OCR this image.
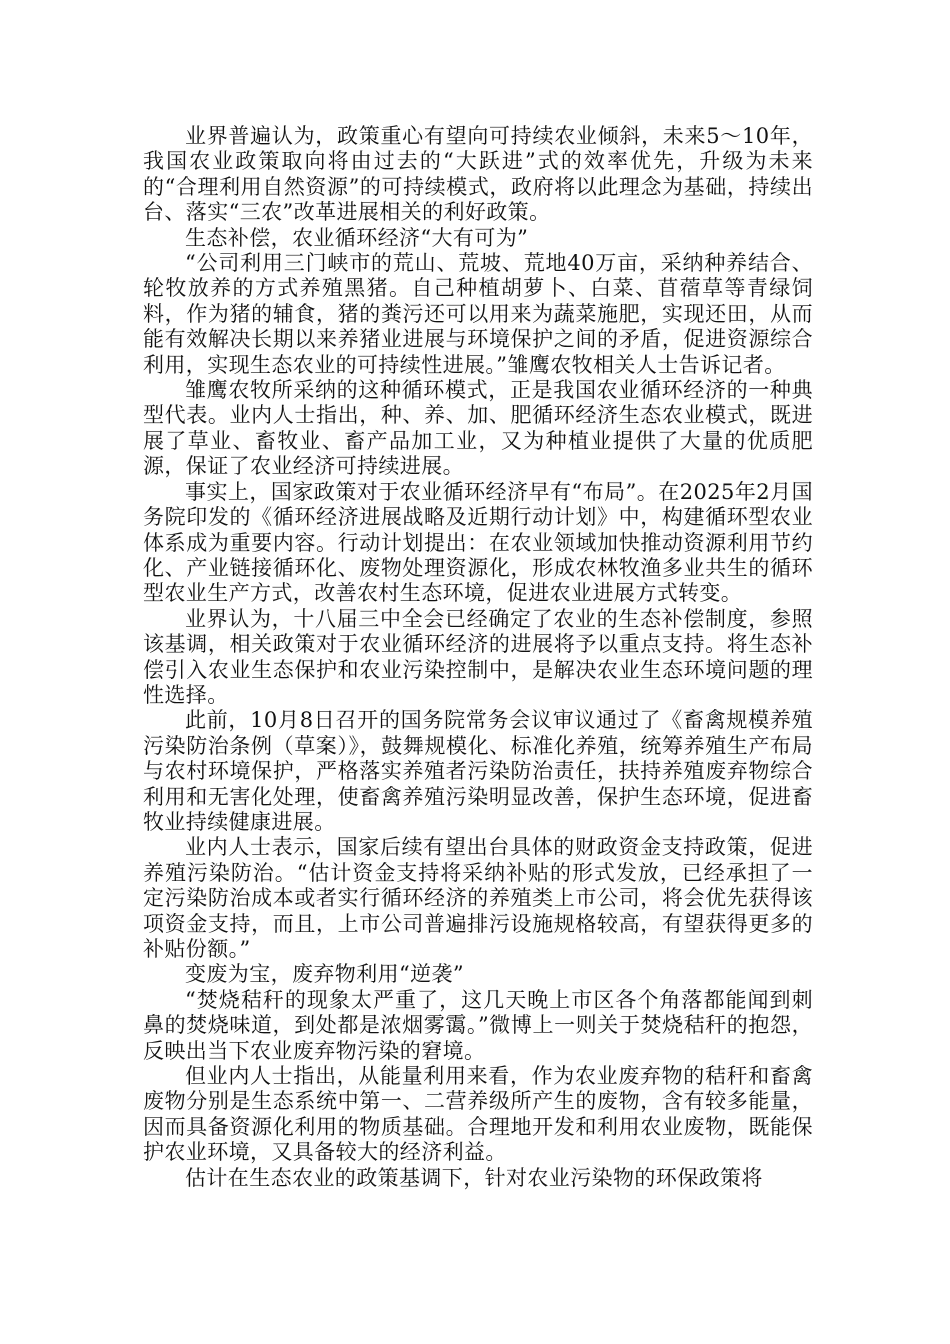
业界普遍认为，政策重心有望向可持续农业倾斜，未来5～10年，我国农业政策取向将由过去的“大跃进”式的效率优先，升级为未来的“合理利用自然资源”的可持续模式，政府将以此理念为基础，持续出台、落实“三农”改革进展相关的利好政策。

生态补偿，农业循环经济“大有可为”

“公司利用三门峡市的荒山、荒坡、荒地40万亩，采纳种养结合、轮牧放养的方式养殖黑猪。自己种植胡萝卜、白菜、苜蓿草等青绿饲料，作为猪的辅食，猪的粪污还可以用来为蔬菜施肥，实现还田，从而能有效解决长期以来养猪业进展与环境保护之间的矛盾，促进资源综合利用，实现生态农业的可持续性进展。”雏鹰农牧相关人士告诉记者。

雏鹰农牧所采纳的这种循环模式，正是我国农业循环经济的一种典型代表。业内人士指出，种、养、加、肥循环经济生态农业模式，既进展了草业、畜牧业、畜产品加工业，又为种植业提供了大量的优质肥源，保证了农业经济可持续进展。

事实上，国家政策对于农业循环经济早有“布局”。在2025年2月国务院印发的《循环经济进展战略及近期行动计划》中，构建循环型农业体系成为重要内容。行动计划提出：在农业领域加快推动资源利用节约化、产业链接循环化、废物处理资源化，形成农林牧渔多业共生的循环型农业生产方式，改善农村生态环境，促进农业进展方式转变。

业界认为，十八届三中全会已经确定了农业的生态补偿制度，参照该基调，相关政策对于农业循环经济的进展将予以重点支持。将生态补偿引入农业生态保护和农业污染控制中，是解决农业生态环境问题的理性选择。

此前，10月8日召开的国务院常务会议审议通过了《畜禽规模养殖污染防治条例（草案）》，鼓舞规模化、标准化养殖，统筹养殖生产布局与农村环境保护，严格落实养殖者污染防治责任，扶持养殖废弃物综合利用和无害化处理，使畜禽养殖污染明显改善，保护生态环境，促进畜牧业持续健康进展。

业内人士表示，国家后续有望出台具体的财政资金支持政策，促进养殖污染防治。“估计资金支持将采纳补贴的形式发放，已经承担了一定污染防治成本或者实行循环经济的养殖类上市公司，将会优先获得该项资金支持，而且，上市公司普遍排污设施规格较高，有望获得更多的补贴份额。”

变废为宝，废弃物利用“逆袭”

“焚烧秸秆的现象太严重了，这几天晚上市区各个角落都能闻到刺鼻的焚烧味道，到处都是浓烟雾霭。”微博上一则关于焚烧秸秆的抱怨，反映出当下农业废弃物污染的窘境。

但业内人士指出，从能量利用来看，作为农业废弃物的秸秆和畜禽废物分别是生态系统中第一、二营养级所产生的废物，含有较多能量，因而具备资源化利用的物质基础。合理地开发和利用农业废物，既能保护农业环境，又具备较大的经济利益。

估计在生态农业的政策基调下，针对农业污染物的环保政策将
